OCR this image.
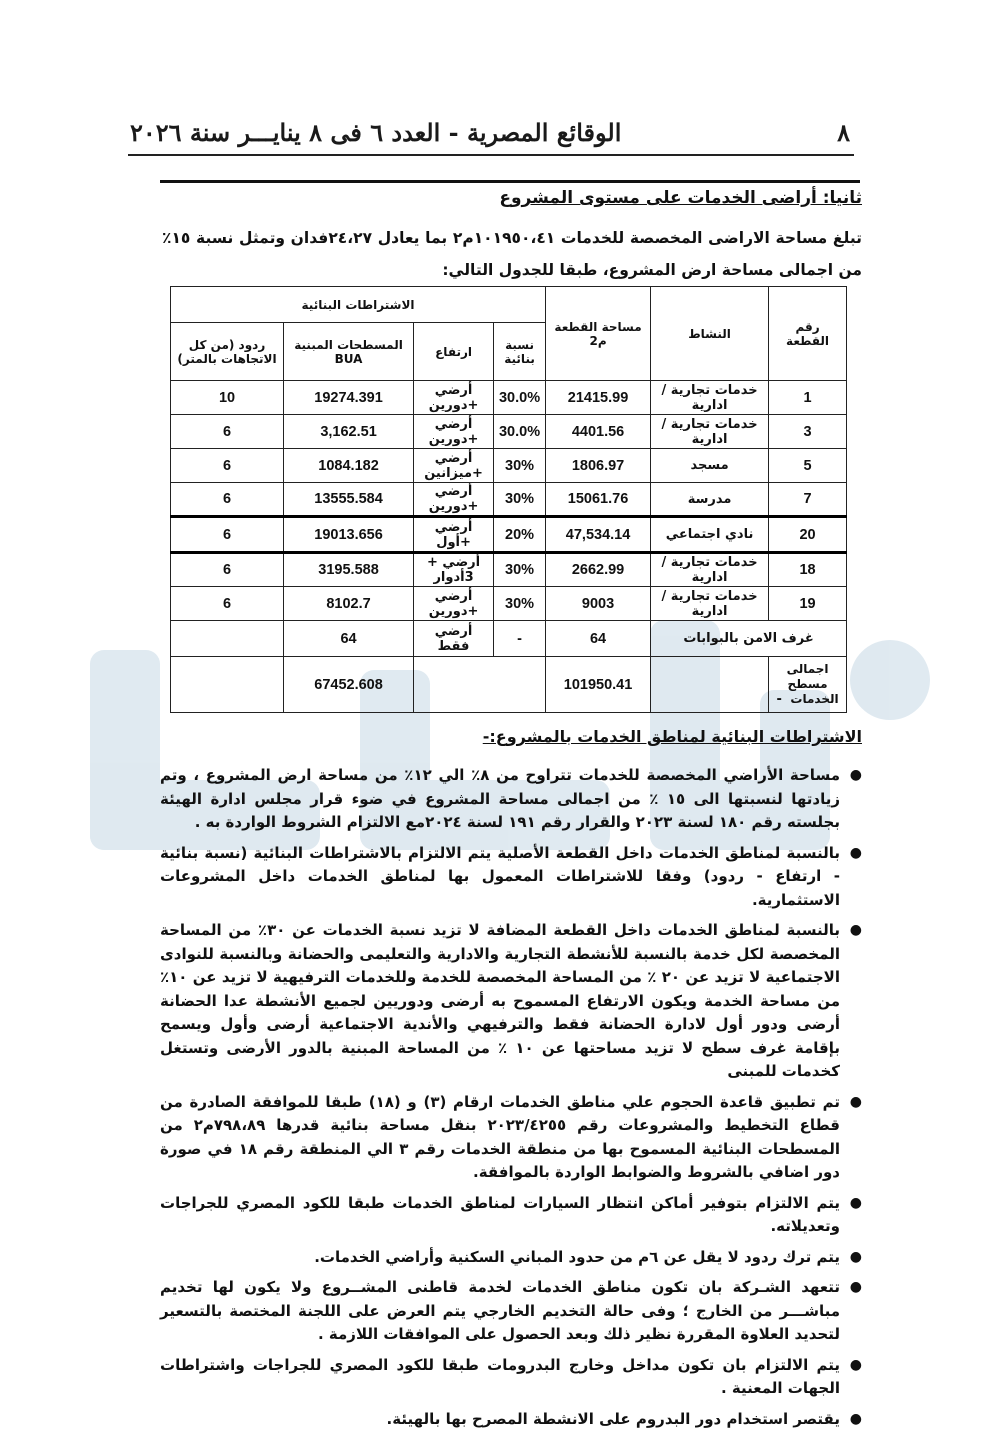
٨
الوقائع المصرية - العدد ٦ فى ٨ ينايـــر سنة ٢٠٢٦
ثانيا: أراضى الخدمات على مستوى المشروع
تبلغ مساحة الاراضى المخصصة للخدمات ١٠١٩٥٠،٤١م٢ بما يعادل ٢٤،٢٧فدان وتمثل نسبة ١٥٪ من اجمالى مساحة ارض المشروع، طبقا للجدول التالي:
رقم القطعة	النشاط	مساحة القطعة م2	الاشتراطات البنائية			
			نسبة بنائية	ارتفاع	المسطحات المبنية BUA	ردود (من كل الاتجاهات بالمتر)
1	خدمات تجارية / ادارية	21415.99	30.0%	أرضي +دورين	19274.391	10
3	خدمات تجارية / ادارية	4401.56	30.0%	أرضي +دورين	3,162.51	6
5	مسجد	1806.97	30%	أرضي +ميزانين	1084.182	6
7	مدرسة	15061.76	30%	أرضي +دورين	13555.584	6
20	نادي اجتماعي	47,534.14	20%	أرضي +أول	19013.656	6
18	خدمات تجارية / ادارية	2662.99	30%	أرضي + 3أدوار	3195.588	6
19	خدمات تجارية / ادارية	9003	30%	أرضي +دورين	8102.7	6
غرف الامن بالبوابات		64	-	أرضي فقط	64	
اجمالى مسطح الخدمات -		101950.41			67452.608	
الاشتراطات البنائية لمناطق الخدمات بالمشروع:-
●
مساحة الأراضي المخصصة للخدمات تتراوح من ٨٪ الي ١٢٪ من مساحة ارض المشروع ، وتم زيادتها لنسبتها الى ١٥ ٪ من اجمالى مساحة المشروع في ضوء قرار مجلس ادارة الهيئة بجلسته رقم ١٨٠ لسنة ٢٠٢٣ والقرار رقم ١٩١ لسنة ٢٠٢٤مع الالتزام الشروط الواردة به .
●
بالنسبة لمناطق الخدمات داخل القطعة الأصلية يتم الالتزام بالاشتراطات البنائية (نسبة بنائية - ارتفاع - ردود) وفقا للاشتراطات المعمول بها لمناطق الخدمات داخل المشروعات الاستثمارية.
●
بالنسبة لمناطق الخدمات داخل القطعة المضافة لا تزيد نسبة الخدمات عن ٣٠٪ من المساحة المخصصة لكل خدمة بالنسبة للأنشطة التجارية والادارية والتعليمى والحضانة وبالنسبة للنوادى الاجتماعية لا تزيد عن ٢٠ ٪ من المساحة المخصصة للخدمة وللخدمات الترفيهية لا تزيد عن ١٠٪ من مساحة الخدمة ويكون الارتفاع المسموح به أرضى ودوريين لجميع الأنشطة عدا الحضانة أرضى ودور أول لادارة الحضانة فقط والترفيهي والأندية الاجتماعية أرضى وأول ويسمح بإقامة غرف سطح لا تزيد مساحتها عن ١٠ ٪ من المساحة المبنية بالدور الأرضى وتستغل كخدمات للمبنى
●
تم تطبيق قاعدة الحجوم علي مناطق الخدمات ارقام (٣) و (١٨) طبقا للموافقة الصادرة من قطاع التخطيط والمشروعات رقم ٢٠٢٣/٤٢٥٥ بنقل مساحة بنائية قدرها ٧٩٨،٨٩م٢ من المسطحات البنائية المسموح بها من منطقة الخدمات رقم ٣ الي المنطقة رقم ١٨ في صورة دور اضافي بالشروط والضوابط الواردة بالموافقة.
●
يتم الالتزام بتوفير أماكن انتظار السيارات لمناطق الخدمات طبقا للكود المصري للجراجات وتعديلاته.
●
يتم ترك ردود لا يقل عن ٦م من حدود المباني السكنية وأراضي الخدمات.
●
تتعهد الشـركة بان تكون مناطق الخدمات لخدمة قاطنى المشــروع ولا يكون لها تخديم مباشـــر من الخارج ؛ وفى حالة التخديم الخارجي يتم العرض على اللجنة المختصة بالتسعير لتحديد العلاوة المقررة نظير ذلك وبعد الحصول على الموافقات اللازمة .
●
يتم الالتزام بان تكون مداخل وخارج البدرومات طبقا للكود المصري للجراجات واشتراطات الجهات المعنية .
●
يقتصر استخدام دور البدروم على الانشطة المصرح بها بالهيئة.
